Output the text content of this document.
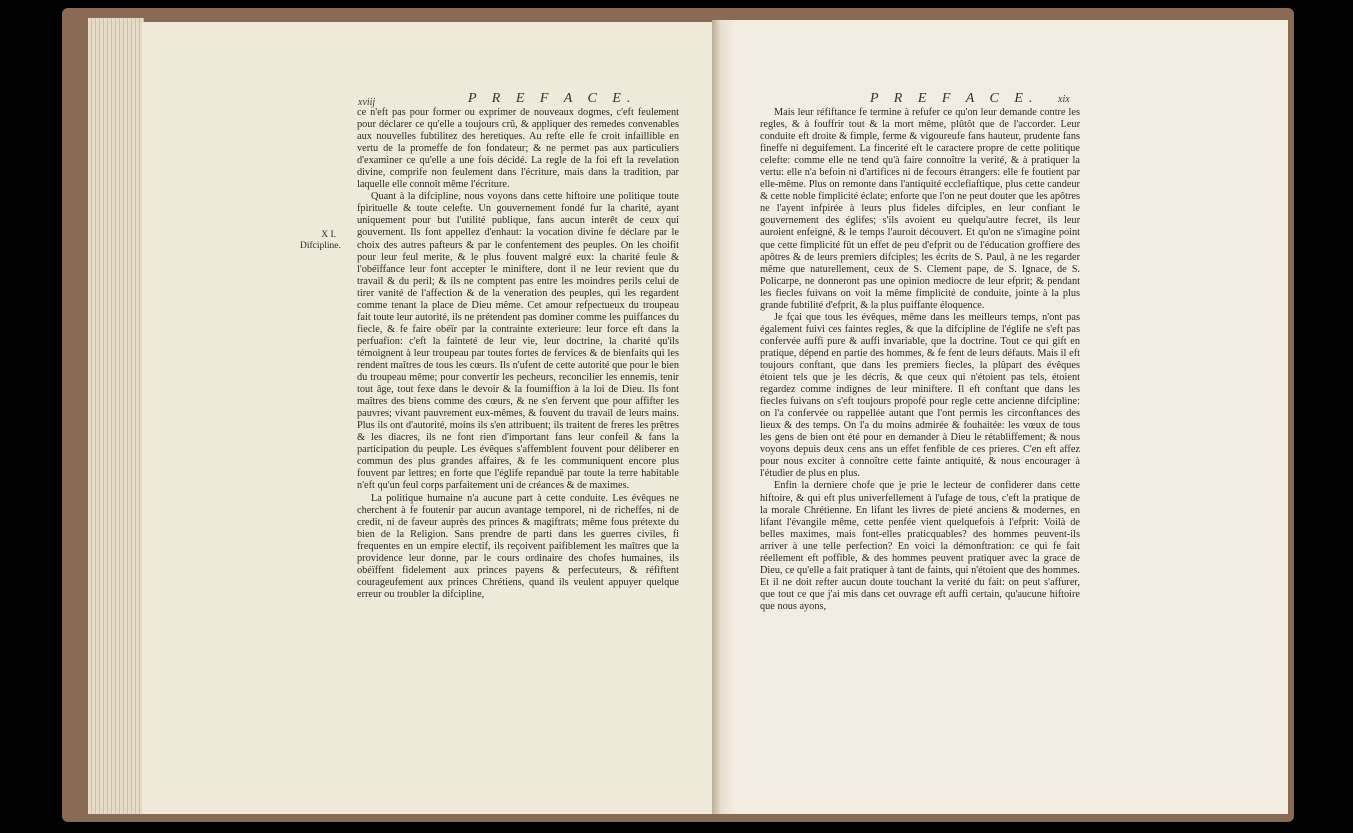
xviij	P R E F A C E.
X I.
Difcipline.

ce n'eft pas pour former ou exprimer de nouveaux dogmes, c'eft feulement pour déclarer ce qu'elle a toujours crû, & appliquer des remedes convenables aux nouvelles fubtilitez des heretiques. Au refte elle fe croit infaillible en vertu de la promeffe de fon fondateur; & ne permet pas aux particuliers d'examiner ce qu'elle a une fois décidé. La regle de la foi eft la revelation divine, comprife non feulement dans l'écriture, mais dans la tradition, par laquelle elle connoît même l'écriture.

Quant à la difcipline, nous voyons dans cette hiftoire une politique toute fpirituelle & toute celefte. Un gouvernement fondé fur la charité, ayant uniquement pour but l'utilité publique, fans aucun interêt de ceux qui gouvernent. Ils font appellez d'enhaut: la vocation divine fe déclare par le choix des autres pafteurs & par le confentement des peuples. On les choifit pour leur feul merite, & le plus fouvent malgré eux: la charité feule & l'obéïffance leur font accepter le miniftere, dont il ne leur revient que du travail & du peril; & ils ne comptent pas entre les moindres perils celui de tirer vanité de l'affection & de la veneration des peuples, qui les regardent comme tenant la place de Dieu même. Cet amour refpectueux du troupeau fait toute leur autorité, ils ne prétendent pas dominer comme les puiffances du fiecle, & fe faire obéïr par la contrainte exterieure: leur force eft dans la perfuafion: c'eft la fainteté de leur vie, leur doctrine, la charité qu'ils témoignent à leur troupeau par toutes fortes de fervices & de bienfaits qui les rendent maîtres de tous les cœurs. Ils n'ufent de cette autorité que pour le bien du troupeau même; pour convertir les pecheurs, reconcilier les ennemis, tenir tout âge, tout fexe dans le devoir & la foumiffion à la loi de Dieu. Ils font maîtres des biens comme des cœurs, & ne s'en fervent que pour affifter les pauvres; vivant pauvrement eux-mêmes, & fouvent du travail de leurs mains. Plus ils ont d'autorité, moins ils s'en attribuent; ils traitent de freres les prêtres & les diacres, ils ne font rien d'important fans leur confeil & fans la participation du peuple. Les évêques s'affemblent fouvent pour déliberer en commun des plus grandes affaires, & fe les communiquent encore plus fouvent par lettres; en forte que l'églife repanduë par toute la terre habitable n'eft qu'un feul corps parfaitement uni de créances & de maximes.

La politique humaine n'a aucune part à cette conduite. Les évêques ne cherchent à fe foutenir par aucun avantage temporel, ni de richeffes, ni de credit, ni de faveur auprès des princes & magiftrats; même fous prétexte du bien de la Religion. Sans prendre de parti dans les guerres civiles, fi frequentes en un empire electif, ils reçoivent paifiblement les maîtres que la providence leur donne, par le cours ordinaire des chofes humaines, ils obéïffent fidelement aux princes payens & perfecuteurs, & réfiftent courageufement aux princes Chrétiens, quand ils veulent appuyer quelque erreur ou troubler la difcipline,

P R E F A C E. xix

Mais leur réfiftance fe termine à refufer ce qu'on leur demande contre les regles, & à fouffrir tout & la mort même, plûtôt que de l'accorder. Leur conduite eft droite & fimple, ferme & vigoureufe fans hauteur, prudente fans fineffe ni deguifement. La fincerité eft le caractere propre de cette politique celefte: comme elle ne tend qu'à faire connoître la verité, & à pratiquer la vertu: elle n'a befoin ni d'artifices ni de fecours étrangers: elle fe foutient par elle-même. Plus on remonte dans l'antiquité ecclefiaftique, plus cette candeur & cette noble fimplicité éclate; enforte que l'on ne peut douter que les apôtres ne l'ayent infpirée à leurs plus fideles difciples, en leur confiant le gouvernement des églifes; s'ils avoient eu quelqu'autre fecret, ils leur auroient enfeigné, & le temps l'auroit découvert. Et qu'on ne s'imagine point que cette fimplicité fût un effet de peu d'efprit ou de l'éducation groffiere des apôtres & de leurs premiers difciples; les écrits de S. Paul, à ne les regarder même que naturellement, ceux de S. Clement pape, de S. Ignace, de S. Policarpe, ne donneront pas une opinion mediocre de leur efprit; & pendant les fiecles fuivans on voit la même fimplicité de conduite, jointe à la plus grande fubtilité d'efprit, & la plus puiffante éloquence.

Je fçai que tous les évêques, même dans les meilleurs temps, n'ont pas également fuivi ces faintes regles, & que la difcipline de l'églife ne s'eft pas confervée auffi pure & auffi invariable, que la doctrine. Tout ce qui gift en pratique, dépend en partie des hommes, & fe fent de leurs défauts. Mais il eft toujours conftant, que dans les premiers fiecles, la plûpart des évêques étoient tels que je les décris, & que ceux qui n'étoient pas tels, étoient regardez comme indignes de leur miniftere. Il eft conftant que dans les fiecles fuivans on s'eft toujours propofé pour regle cette ancienne difcipline: on l'a confervée ou rappellée autant que l'ont permis les circonftances des lieux & des temps. On l'a du moins admirée & fouhaitée: les vœux de tous les gens de bien ont été pour en demander à Dieu le rétabliffement; & nous voyons depuis deux cens ans un effet fenfible de ces prieres. C'en eft affez pour nous exciter à connoître cette fainte antiquité, & nous encourager à l'étudier de plus en plus.

Enfin la derniere chofe que je prie le lecteur de confiderer dans cette hiftoire, & qui eft plus univerfellement à l'ufage de tous, c'eft la pratique de la morale Chrétienne. En lifant les livres de pieté anciens & modernes, en lifant l'évangile même, cette penfée vient quelquefois à l'efprit: Voilà de belles maximes, mais font-elles praticquables? des hommes peuvent-ils arriver à une telle perfection? En voici la démonftration: ce qui fe fait réellement eft poffible, & des hommes peuvent pratiquer avec la grace de Dieu, ce qu'elle a fait pratiquer à tant de faints, qui n'étoient que des hommes. Et il ne doit refter aucun doute touchant la verité du fait: on peut s'affurer, que tout ce que j'ai mis dans cet ouvrage eft auffi certain, qu'aucune hiftoire que nous ayons,
